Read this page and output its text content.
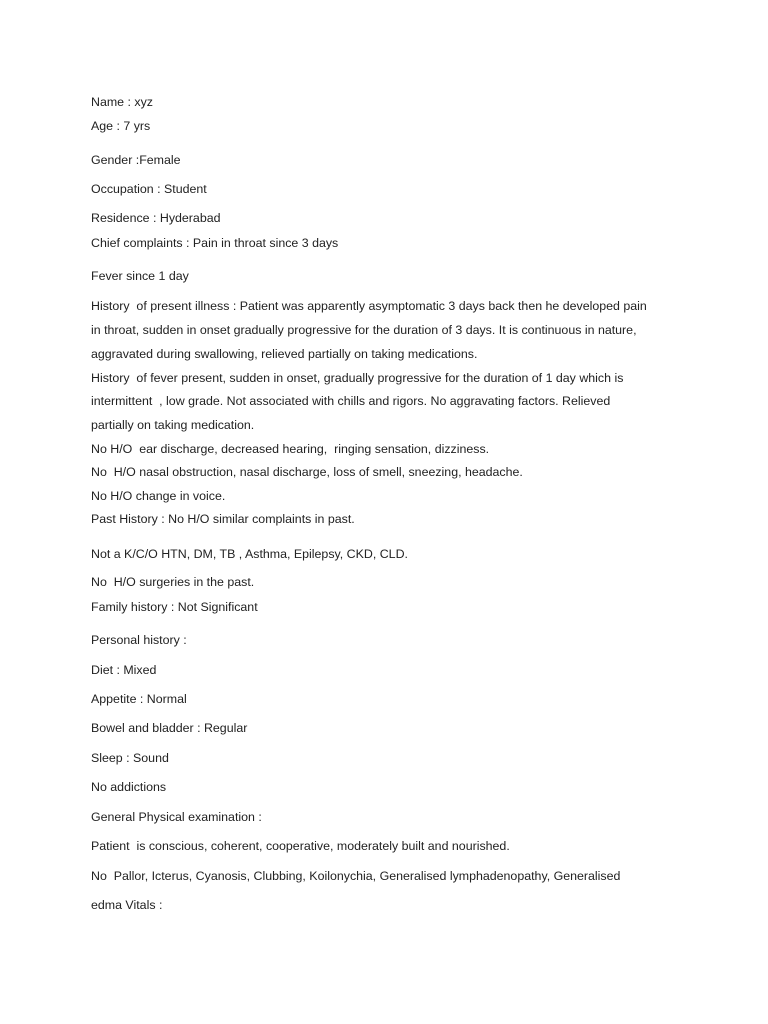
Name : xyz
Age : 7 yrs
Gender :Female
Occupation : Student
Residence : Hyderabad
Chief complaints : Pain in throat since 3 days
Fever since 1 day
History  of present illness : Patient was apparently asymptomatic 3 days back then he developed pain
in throat, sudden in onset gradually progressive for the duration of 3 days. It is continuous in nature,
aggravated during swallowing, relieved partially on taking medications.
History  of fever present, sudden in onset, gradually progressive for the duration of 1 day which is
intermittent  , low grade. Not associated with chills and rigors. No aggravating factors. Relieved
partially on taking medication.
No H/O  ear discharge, decreased hearing,  ringing sensation, dizziness.
No  H/O nasal obstruction, nasal discharge, loss of smell, sneezing, headache.
No H/O change in voice.
Past History : No H/O similar complaints in past.
Not a K/C/O HTN, DM, TB , Asthma, Epilepsy, CKD, CLD.
No  H/O surgeries in the past.
Family history : Not Significant
Personal history :
Diet : Mixed
Appetite : Normal
Bowel and bladder : Regular
Sleep : Sound
No addictions
General Physical examination :
Patient  is conscious, coherent, cooperative, moderately built and nourished.
No  Pallor, Icterus, Cyanosis, Clubbing, Koilonychia, Generalised lymphadenopathy, Generalised
edma Vitals :
